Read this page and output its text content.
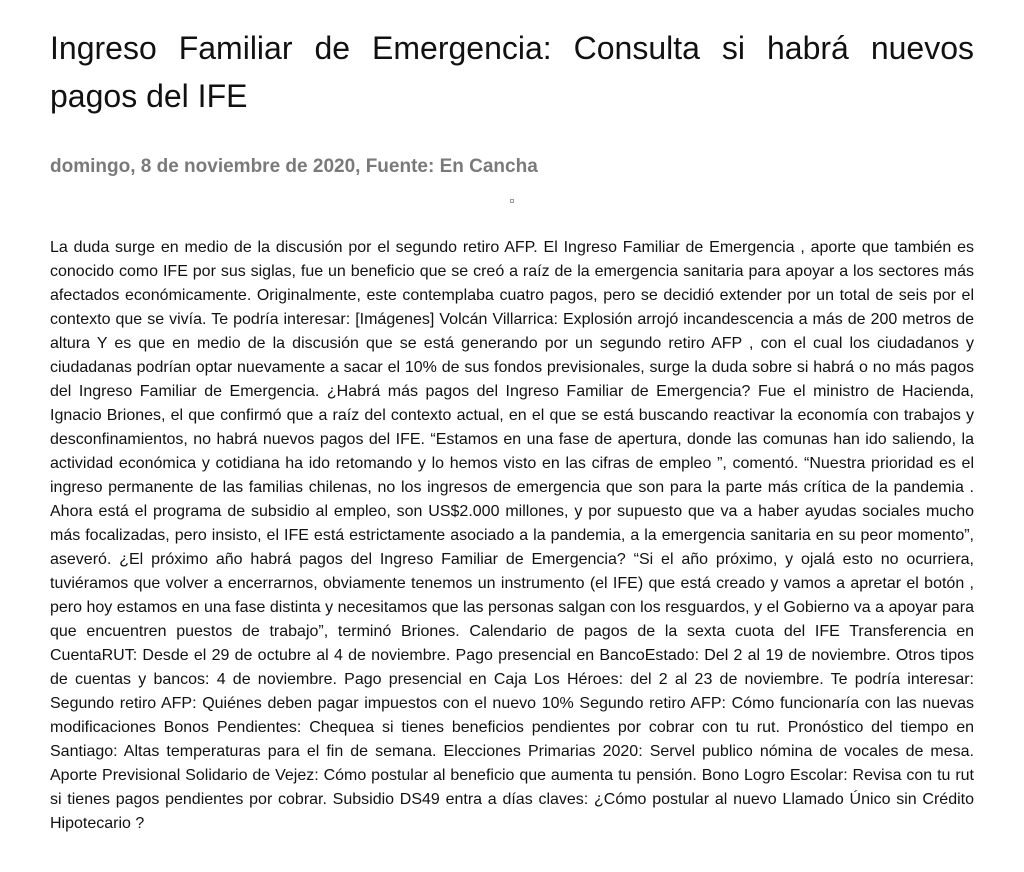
Ingreso Familiar de Emergencia: Consulta si habrá nuevos pagos del IFE
domingo, 8 de noviembre de 2020, Fuente: En Cancha
La duda surge en medio de la discusión por el segundo retiro AFP. El Ingreso Familiar de Emergencia , aporte que también es conocido como IFE por sus siglas, fue un beneficio que se creó a raíz de la emergencia sanitaria para apoyar a los sectores más afectados económicamente. Originalmente, este contemplaba cuatro pagos, pero se decidió extender por un total de seis por el contexto que se vivía. Te podría interesar: [Imágenes] Volcán Villarrica: Explosión arrojó incandescencia a más de 200 metros de altura Y es que en medio de la discusión que se está generando por un segundo retiro AFP , con el cual los ciudadanos y ciudadanas podrían optar nuevamente a sacar el 10% de sus fondos previsionales, surge la duda sobre si habrá o no más pagos del Ingreso Familiar de Emergencia. ¿Habrá más pagos del Ingreso Familiar de Emergencia? Fue el ministro de Hacienda, Ignacio Briones, el que confirmó que a raíz del contexto actual, en el que se está buscando reactivar la economía con trabajos y desconfinamientos, no habrá nuevos pagos del IFE. “Estamos en una fase de apertura, donde las comunas han ido saliendo, la actividad económica y cotidiana ha ido retomando y lo hemos visto en las cifras de empleo ”, comentó. “Nuestra prioridad es el ingreso permanente de las familias chilenas, no los ingresos de emergencia que son para la parte más crítica de la pandemia . Ahora está el programa de subsidio al empleo, son US$2.000 millones, y por supuesto que va a haber ayudas sociales mucho más focalizadas, pero insisto, el IFE está estrictamente asociado a la pandemia, a la emergencia sanitaria en su peor momento”, aseveró. ¿El próximo año habrá pagos del Ingreso Familiar de Emergencia? “Si el año próximo, y ojalá esto no ocurriera, tuviéramos que volver a encerrarnos, obviamente tenemos un instrumento (el IFE) que está creado y vamos a apretar el botón , pero hoy estamos en una fase distinta y necesitamos que las personas salgan con los resguardos, y el Gobierno va a apoyar para que encuentren puestos de trabajo”, terminó Briones. Calendario de pagos de la sexta cuota del IFE Transferencia en CuentaRUT: Desde el 29 de octubre al 4 de noviembre. Pago presencial en BancoEstado: Del 2 al 19 de noviembre. Otros tipos de cuentas y bancos: 4 de noviembre. Pago presencial en Caja Los Héroes: del 2 al 23 de noviembre. Te podría interesar: Segundo retiro AFP: Quiénes deben pagar impuestos con el nuevo 10% Segundo retiro AFP: Cómo funcionaría con las nuevas modificaciones Bonos Pendientes: Chequea si tienes beneficios pendientes por cobrar con tu rut. Pronóstico del tiempo en Santiago: Altas temperaturas para el fin de semana. Elecciones Primarias 2020: Servel publico nómina de vocales de mesa. Aporte Previsional Solidario de Vejez: Cómo postular al beneficio que aumenta tu pensión. Bono Logro Escolar: Revisa con tu rut si tienes pagos pendientes por cobrar. Subsidio DS49 entra a días claves: ¿Cómo postular al nuevo Llamado Único sin Crédito Hipotecario ?
